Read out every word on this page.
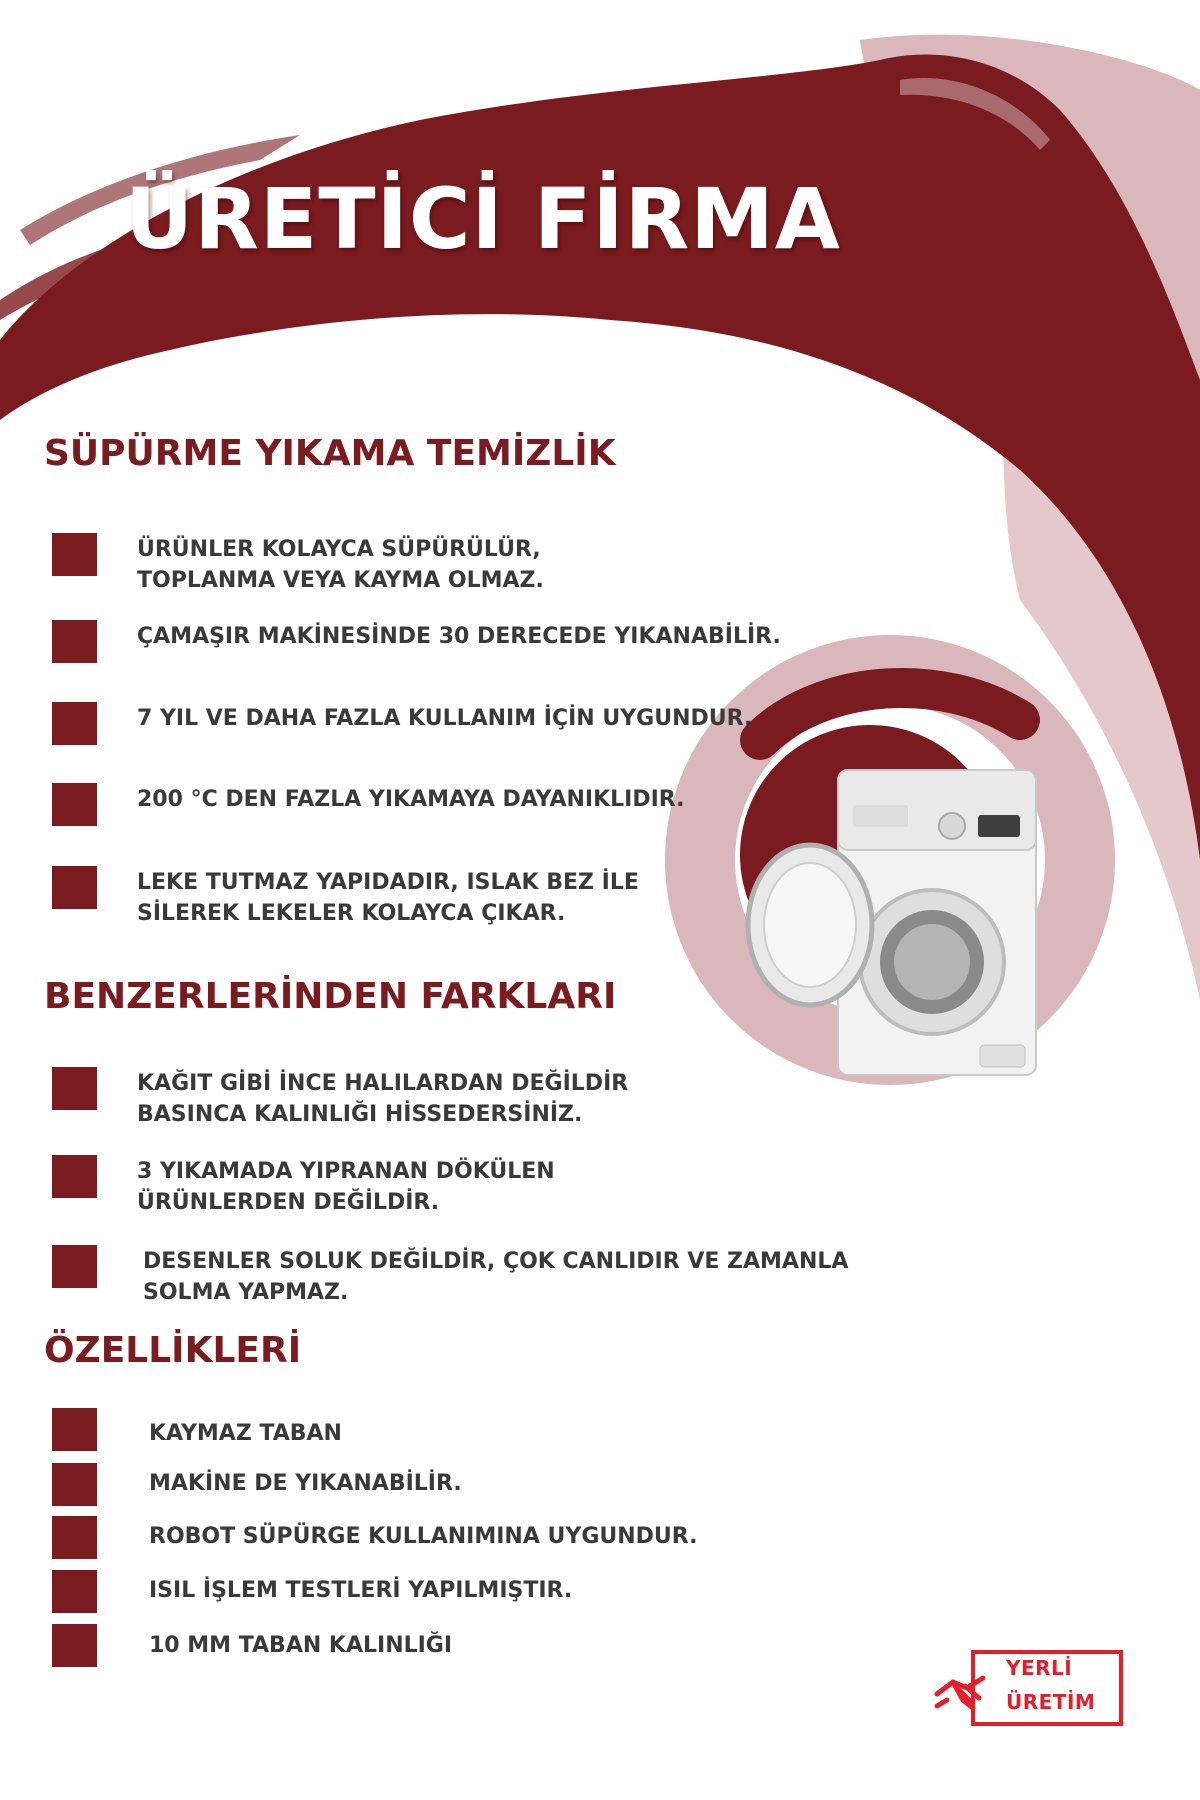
ÜRETİCİ FİRMA
SÜPÜRME YIKAMA TEMİZLİK
ÜRÜNLER KOLAYCA SÜPÜRÜLÜR,
TOPLANMA VEYA KAYMA OLMAZ.
ÇAMAŞIR MAKİNESİNDE 30 DERECEDE YIKANABİLİR.
7 YIL VE DAHA FAZLA KULLANIM İÇİN UYGUNDUR.
200 °C DEN FAZLA YIKAMAYA DAYANIKLIDIR.
LEKE TUTMAZ YAPIDADIR, ISLAK BEZ İLE
SİLEREK LEKELER KOLAYCA ÇIKAR.
BENZERLERİNDEN FARKLARI
KAĞIT GİBİ İNCE HALILARDAN DEĞİLDİR
BASINCA KALINLIĞI HİSSEDERSİNİZ.
3 YIKAMADA YIPRANAN DÖKÜLEN
ÜRÜNLERDEN DEĞİLDİR.
DESENLER SOLUK DEĞİLDİR, ÇOK CANLIDIR VE ZAMANLA
SOLMA YAPMAZ.
ÖZELLİKLERİ
KAYMAZ TABAN
MAKİNE DE YIKANABİLİR.
ROBOT SÜPÜRGE KULLANIMINA UYGUNDUR.
ISIL İŞLEM TESTLERİ YAPILMIŞTIR.
10 MM TABAN KALINLIĞI
YERLİ
ÜRETİM
